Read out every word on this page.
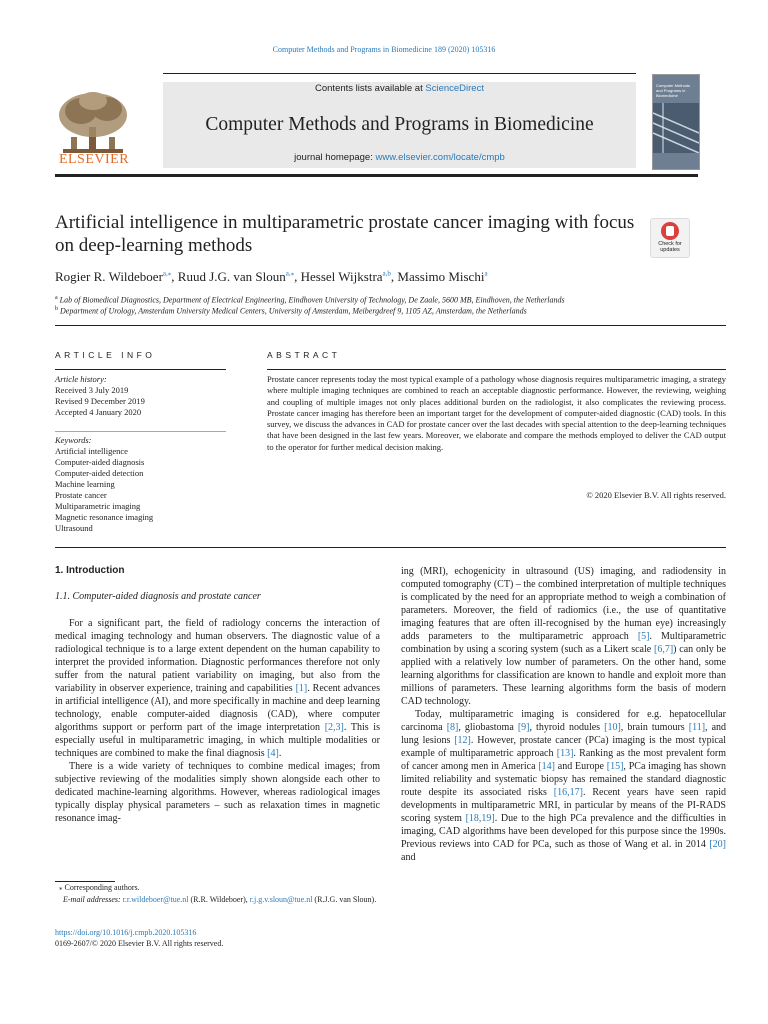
Computer Methods and Programs in Biomedicine 189 (2020) 105316
ELSEVIER
Contents lists available at ScienceDirect
Computer Methods and Programs in Biomedicine
journal homepage: www.elsevier.com/locate/cmpb
Computer Methods and Programs in Biomedicine
Artificial intelligence in multiparametric prostate cancer imaging with focus on deep-learning methods	Check for updates
Rogier R. Wildeboer$^{a,⁎}$, Ruud J.G. van Sloun$^{a,⁎}$, Hessel Wijkstra$^{a,b}$, Massimo Mischi$^a$
$^a$ Lab of Biomedical Diagnostics, Department of Electrical Engineering, Eindhoven University of Technology, De Zaale, 5600 MB, Eindhoven, the Netherlands
$^b$ Department of Urology, Amsterdam University Medical Centers, University of Amsterdam, Meibergdreef 9, 1105 AZ, Amsterdam, the Netherlands
ARTICLE INFO	ABSTRACT
Article history:
Received 3 July 2019
Revised 9 December 2019
Accepted 4 January 2020
Keywords:
Artificial intelligence
Computer-aided diagnosis
Computer-aided detection
Machine learning
Prostate cancer
Multiparametric imaging
Magnetic resonance imaging
Ultrasound
Prostate cancer represents today the most typical example of a pathology whose diagnosis requires multiparametric imaging, a strategy where multiple imaging techniques are combined to reach an acceptable diagnostic performance. However, the reviewing, weighing and coupling of multiple images not only places additional burden on the radiologist, it also complicates the reviewing process. Prostate cancer imaging has therefore been an important target for the development of computer-aided diagnostic (CAD) tools. In this survey, we discuss the advances in CAD for prostate cancer over the last decades with special attention to the deep-learning techniques that have been designed in the last few years. Moreover, we elaborate and compare the methods employed to deliver the CAD output to the operator for further medical decision making.
© 2020 Elsevier B.V. All rights reserved.
1. Introduction
1.1. Computer-aided diagnosis and prostate cancer

For a significant part, the field of radiology concerns the interaction of medical imaging technology and human observers. The diagnostic value of a radiological technique is to a large extent dependent on the human capability to interpret the provided information. Diagnostic performances therefore not only suffer from the natural patient variability on imaging, but also from the variability in observer experience, training and capabilities [1]. Recent advances in artificial intelligence (AI), and more specifically in machine and deep learning technology, enable computer-aided diagnosis (CAD), where computer algorithms support or perform part of the image interpretation [2,3]. This is especially useful in multiparametric imaging, in which multiple modalities or techniques are combined to make the final diagnosis [4].

There is a wide variety of techniques to combine medical images; from subjective reviewing of the modalities simply shown alongside each other to dedicated machine-learning algorithms. However, whereas radiological images typically display physical parameters – such as relaxation times in magnetic resonance imag-

ing (MRI), echogenicity in ultrasound (US) imaging, and radiodensity in computed tomography (CT) – the combined interpretation of multiple techniques is complicated by the need for an appropriate method to weigh a combination of parameters. Moreover, the field of radiomics (i.e., the use of quantitative imaging features that are often ill-recognised by the human eye) increasingly adds parameters to the multiparametric approach [5]. Multiparametric combination by using a scoring system (such as a Likert scale [6,7]) can only be applied with a relatively low number of parameters. On the other hand, some learning algorithms for classification are known to handle and exploit more than millions of parameters. These learning algorithms form the basis of modern CAD technology.

Today, multiparametric imaging is considered for e.g. hepatocellular carcinoma [8], gliobastoma [9], thyroid nodules [10], brain tumours [11], and lung lesions [12]. However, prostate cancer (PCa) imaging is the most typical example of multiparametric approach [13]. Ranking as the most prevalent form of cancer among men in America [14] and Europe [15], PCa imaging has shown limited reliability and systematic biopsy has remained the standard diagnostic route despite its associated risks [16,17]. Recent years have seen rapid developments in multiparametric MRI, in particular by means of the PI-RADS scoring system [18,19]. Due to the high PCa prevalence and the difficulties in imaging, CAD algorithms have been developed for this purpose since the 1990s. Previous reviews into CAD for PCa, such as those of Wang et al. in 2014 [20] and

⁎ Corresponding authors.
E-mail addresses: r.r.wildeboer@tue.nl (R.R. Wildeboer), r.j.g.v.sloun@tue.nl (R.J.G. van Sloun).
https://doi.org/10.1016/j.cmpb.2020.105316
0169-2607/© 2020 Elsevier B.V. All rights reserved.
